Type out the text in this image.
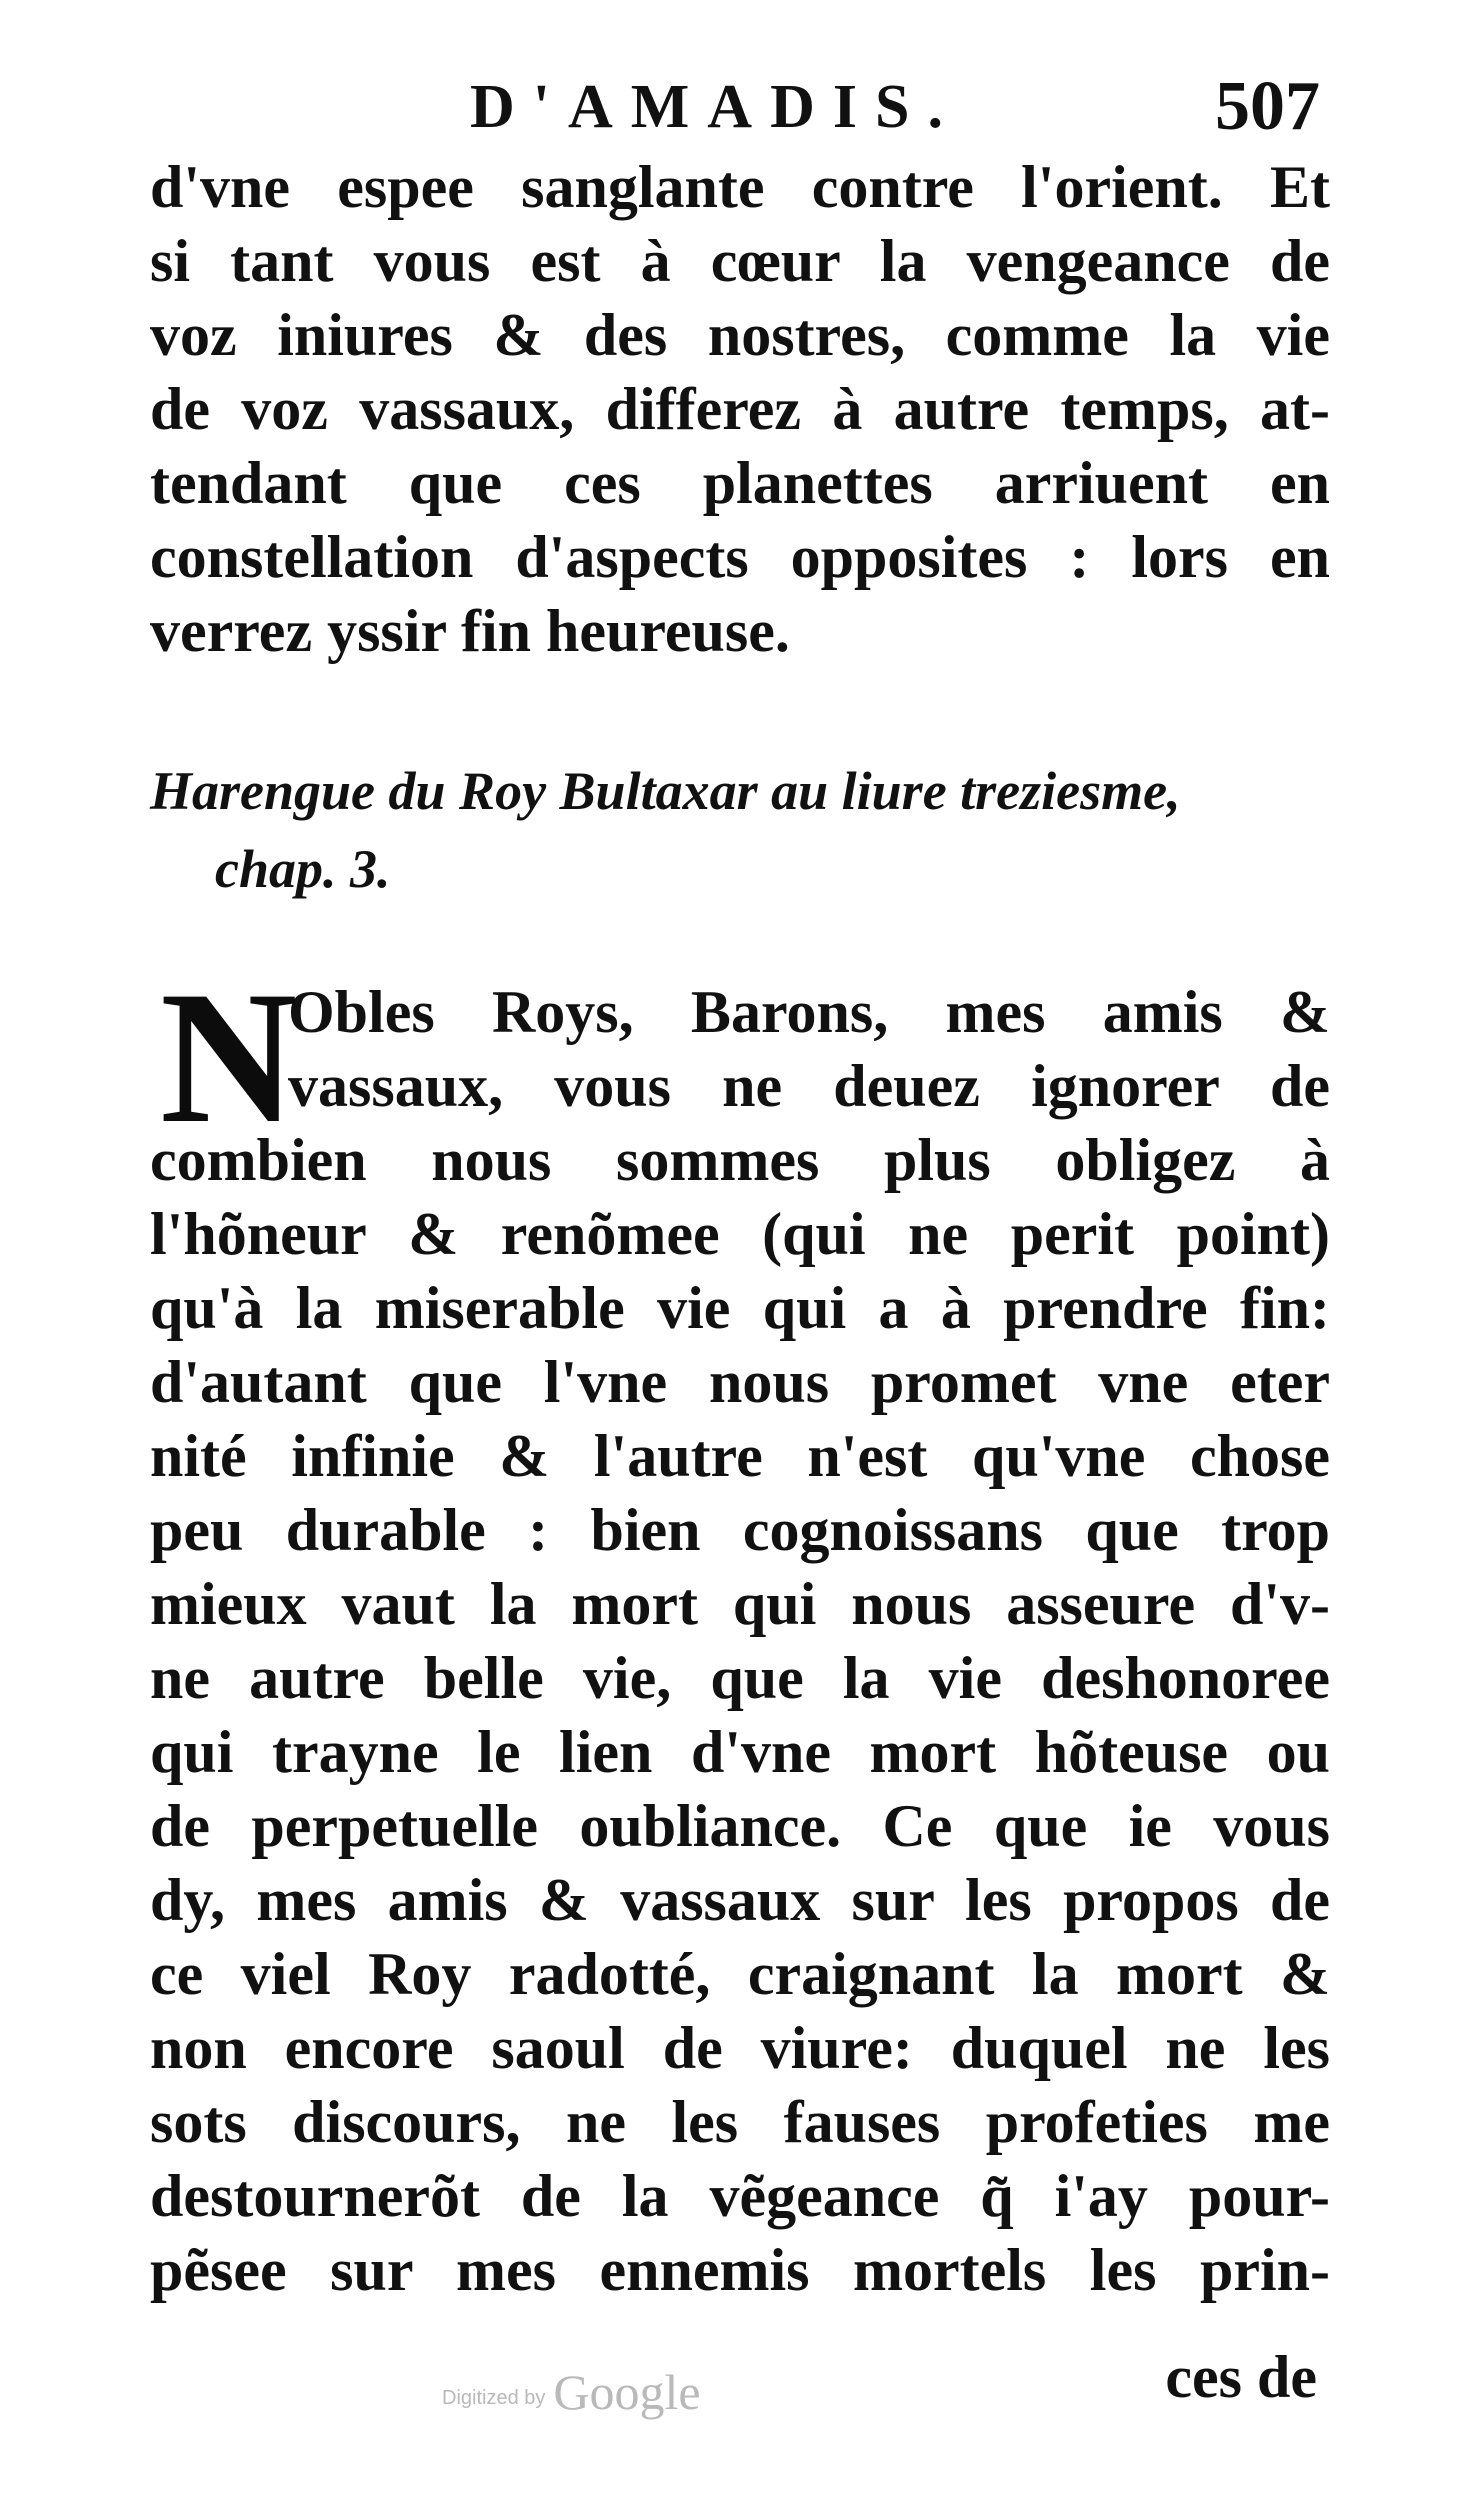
D'AMADIS.	507
d'vne espee sanglante contre l'orient. Et
si tant vous est à cœur la vengeance de
voz iniures & des nostres, comme la vie
de voz vassaux, differez à autre temps, at-
tendant que ces planettes arriuent en
constellation d'aspects opposites : lors en
verrez yssir fin heureuse.
Harengue du Roy Bultaxar au liure treziesme,
chap. 3.
N
Obles Roys, Barons, mes amis &
vassaux, vous ne deuez ignorer de
combien nous sommes plus obligez à
l'hõneur & renõmee (qui ne perit point)
qu'à la miserable vie qui a à prendre fin:
d'autant que l'vne nous promet vne eter
nité infinie & l'autre n'est qu'vne chose
peu durable : bien cognoissans que trop
mieux vaut la mort qui nous asseure d'v-
ne autre belle vie, que la vie deshonoree
qui trayne le lien d'vne mort hõteuse ou
de perpetuelle oubliance. Ce que ie vous
dy, mes amis & vassaux sur les propos de
ce viel Roy radotté, craignant la mort &
non encore saoul de viure: duquel ne les
sots discours, ne les fauses profeties me
destournerõt de la vẽgeance q̃ i'ay pour-
pẽsee sur mes ennemis mortels les prin-
Digitized by Google	ces de
